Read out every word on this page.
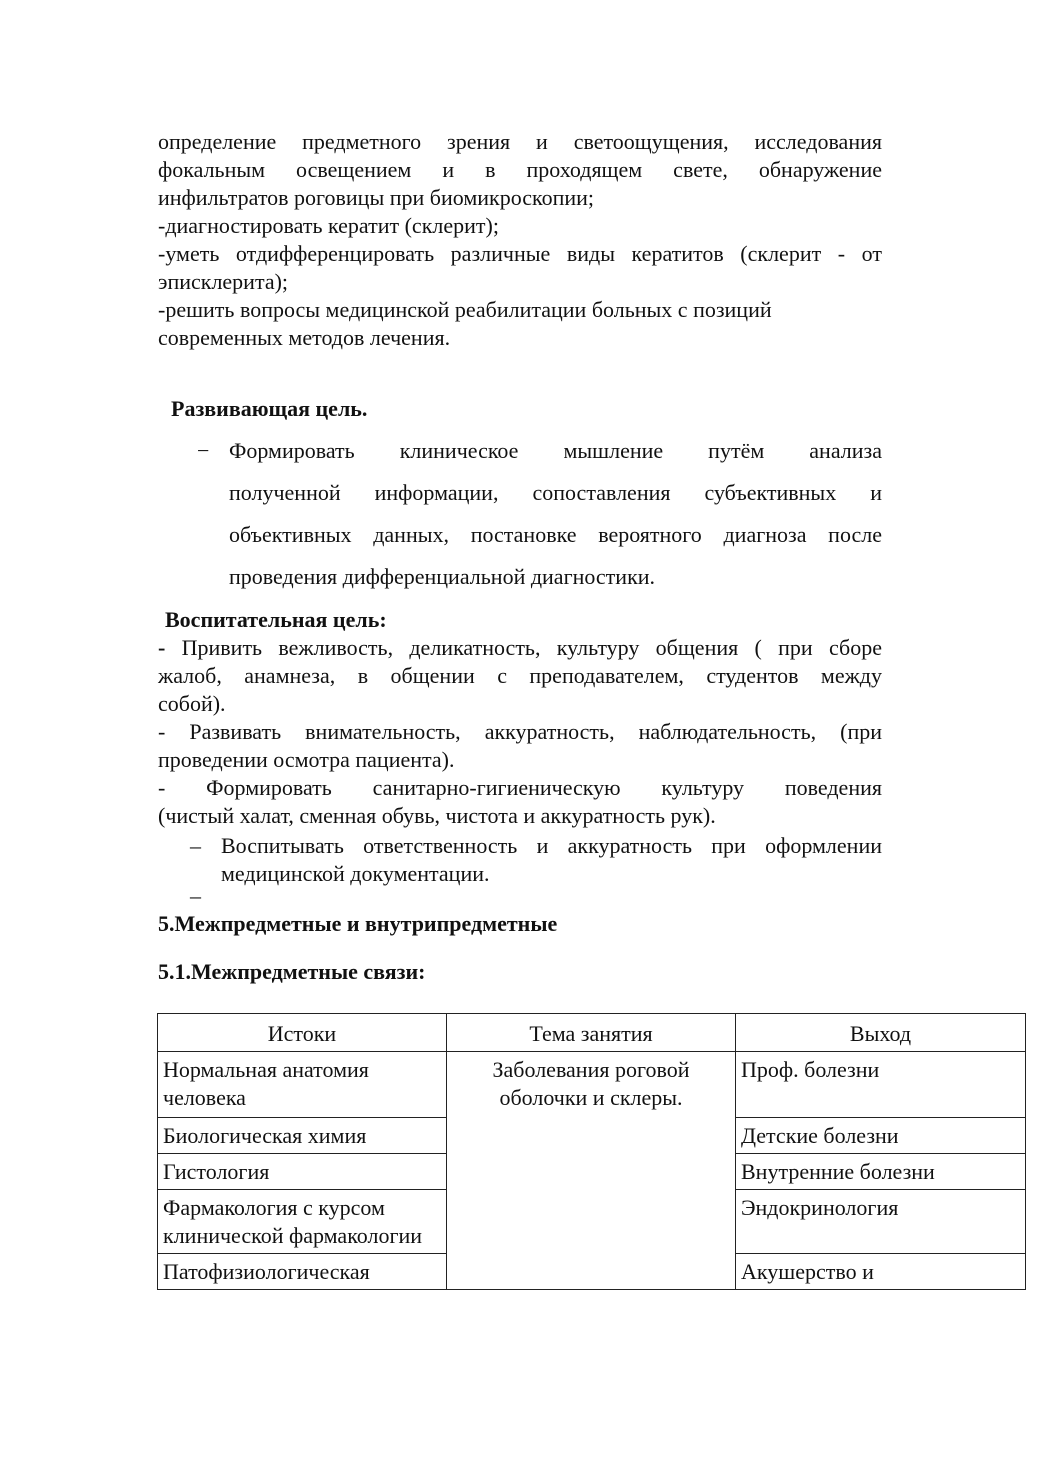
определение предметного зрения и светоощущения, исследования
фокальным освещением и в проходящем свете, обнаружение
инфильтратов роговицы при биомикроскопии;
-диагностировать кератит (склерит);
-уметь отдифференцировать различные виды кератитов (склерит - от
эписклерита);
-решить вопросы медицинской реабилитации больных с позиций
современных методов лечения.
Развивающая цель.
− Формировать клиническое мышление путём анализа
полученной информации, сопоставления субъективных и
объективных данных, постановке вероятного диагноза после
проведения дифференциальной диагностики.
Воспитательная цель:
- Привить вежливость, деликатность, культуру общения ( при сборе
жалоб, анамнеза, в общении с преподавателем, студентов между
собой).
- Развивать внимательность, аккуратность, наблюдательность, (при
проведении осмотра пациента).
- Формировать санитарно-гигиеническую культуру поведения
(чистый халат, сменная обувь, чистота и аккуратность рук).
– Воспитывать ответственность и аккуратность при оформлении
медицинской документации.
–
5.Межпредметные и внутрипредметные
5.1.Межпредметные связи:
Истоки	Тема занятия	Выход
Нормальная анатомия человека	Заболевания роговой оболочки и склеры.	Проф. болезни
Биологическая химия		Детские болезни
Гистология		Внутренние болезни
Фармакология с курсом клинической фармакологии		Эндокринология
Патофизиологическая		Акушерство и
